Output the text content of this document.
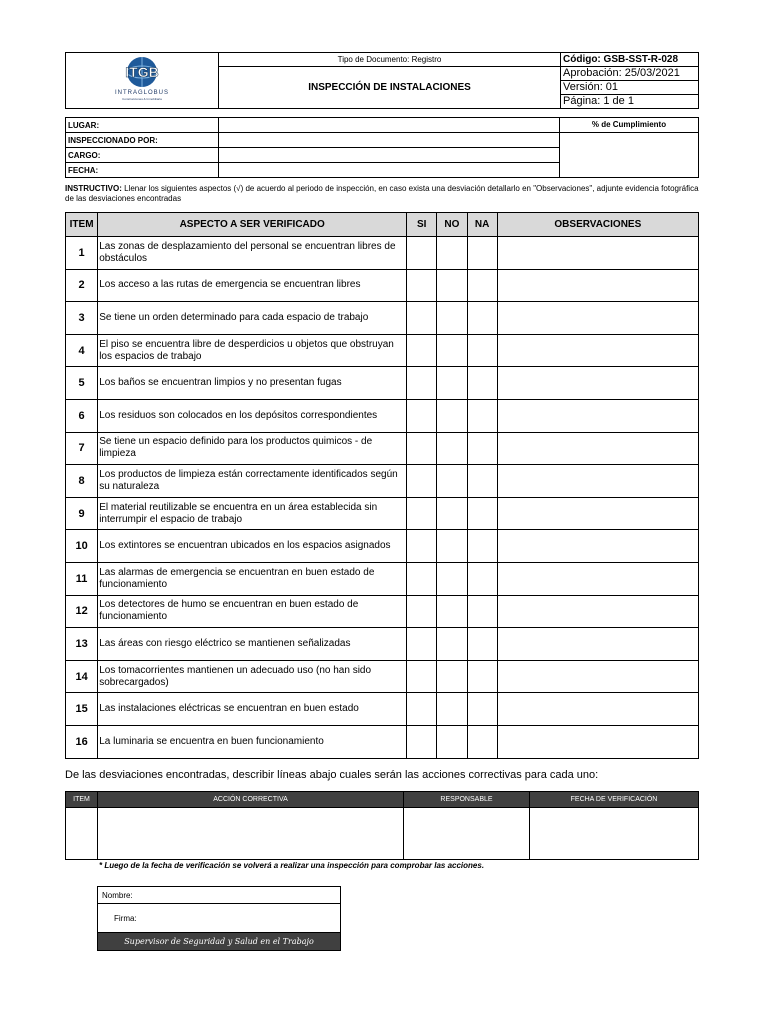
ITGB
INTRAGLOBUS
Construcciones & Inmobiliaria	Tipo de Documento: Registro	Código: GSB-SST-R-028
	INSPECCIÓN DE INSTALACIONES	Aprobación: 25/03/2021
		Versión: 01
		Página: 1 de 1
LUGAR:		% de Cumplimiento
INSPECCIONADO POR:		
CARGO:		
FECHA:		
INSTRUCTIVO: Llenar los siguientes aspectos (√) de acuerdo al periodo de inspección, en caso exista una desviación detallarlo en "Observaciones", adjunte evidencia fotográfica de las desviaciones encontradas
ITEM	ASPECTO A SER VERIFICADO	SI	NO	NA	OBSERVACIONES
1	Las zonas de desplazamiento del personal se encuentran libres de obstáculos				
2	Los acceso a las rutas de emergencia se encuentran libres				
3	Se tiene un orden determinado para cada espacio de trabajo				
4	El piso se encuentra libre de desperdicios u objetos que obstruyan los espacios de trabajo				
5	Los baños se encuentran limpios y no presentan fugas				
6	Los residuos son colocados en los depósitos correspondientes				
7	Se tiene un espacio definido para los productos quimicos - de limpieza				
8	Los productos de limpieza están correctamente identificados según su naturaleza				
9	El material reutilizable se encuentra en un área establecida sin interrumpir el espacio de trabajo				
10	Los extintores se encuentran ubicados en los espacios asignados				
11	Las alarmas de emergencia se encuentran en buen estado de funcionamiento				
12	Los detectores de humo se encuentran en buen estado de funcionamiento				
13	Las áreas con riesgo eléctrico se mantienen señalizadas				
14	Los tomacorrientes mantienen un adecuado uso (no han sido sobrecargados)				
15	Las instalaciones eléctricas se encuentran en buen estado				
16	La luminaria se encuentra en buen funcionamiento				
De las desviaciones encontradas, describir líneas abajo cuales serán las acciones correctivas para cada uno:
ITEM	ACCIÓN CORRECTIVA	RESPONSABLE	FECHA DE VERIFICACIÓN

* Luego de la fecha de verificación se volverá a realizar una inspección para comprobar las acciones.
Nombre:
Firma:
Supervisor de Seguridad y Salud en el Trabajo
